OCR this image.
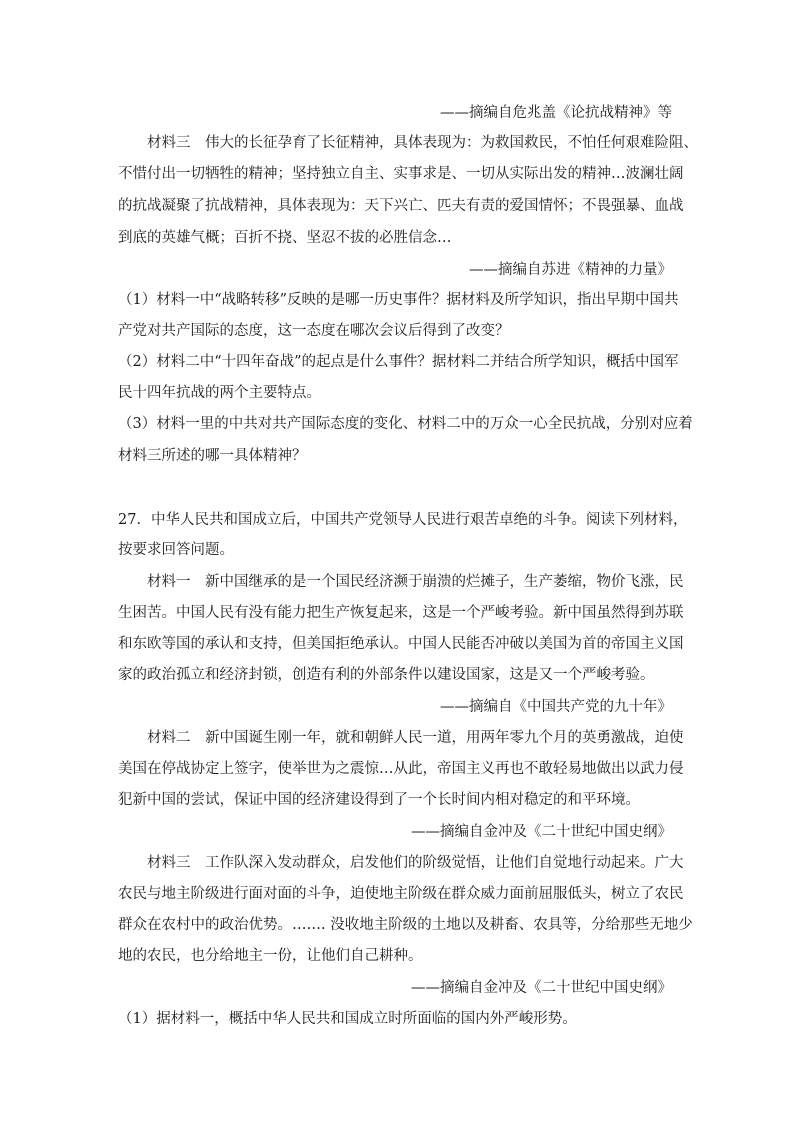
——摘编自危兆盖《论抗战精神》等
材料三　伟大的长征孕育了长征精神，具体表现为：为救国救民，不怕任何艰难险阻、
不惜付出一切牺牲的精神；坚持独立自主、实事求是、一切从实际出发的精神…波澜壮阔
的抗战凝聚了抗战精神，具体表现为：天下兴亡、匹夫有责的爱国情怀；不畏强暴、血战
到底的英雄气概；百折不挠、坚忍不拔的必胜信念…
——摘编自苏进《精神的力量》
（1）材料一中“战略转移”反映的是哪一历史事件？据材料及所学知识，指出早期中国共
产党对共产国际的态度，这一态度在哪次会议后得到了改变？
（2）材料二中“十四年奋战”的起点是什么事件？据材料二并结合所学知识，概括中国军
民十四年抗战的两个主要特点。
（3）材料一里的中共对共产国际态度的变化、材料二中的万众一心全民抗战，分别对应着
材料三所述的哪一具体精神？
27．中华人民共和国成立后，中国共产党领导人民进行艰苦卓绝的斗争。阅读下列材料，
按要求回答问题。
材料一　新中国继承的是一个国民经济濒于崩溃的烂摊子，生产萎缩，物价飞涨，民
生困苦。中国人民有没有能力把生产恢复起来，这是一个严峻考验。新中国虽然得到苏联
和东欧等国的承认和支持，但美国拒绝承认。中国人民能否冲破以美国为首的帝国主义国
家的政治孤立和经济封锁，创造有利的外部条件以建设国家，这是又一个严峻考验。
——摘编自《中国共产党的九十年》
材料二　新中国诞生刚一年，就和朝鲜人民一道，用两年零九个月的英勇激战，迫使
美国在停战协定上签字，使举世为之震惊…从此，帝国主义再也不敢轻易地做出以武力侵
犯新中国的尝试，保证中国的经济建设得到了一个长时间内相对稳定的和平环境。
——摘编自金冲及《二十世纪中国史纲》
材料三　工作队深入发动群众，启发他们的阶级觉悟，让他们自觉地行动起来。广大
农民与地主阶级进行面对面的斗争，迫使地主阶级在群众威力面前屈服低头，树立了农民
群众在农村中的政治优势。……. 没收地主阶级的土地以及耕畜、农具等，分给那些无地少
地的农民，也分给地主一份，让他们自己耕种。
——摘编自金冲及《二十世纪中国史纲》
（1）据材料一，概括中华人民共和国成立时所面临的国内外严峻形势。
